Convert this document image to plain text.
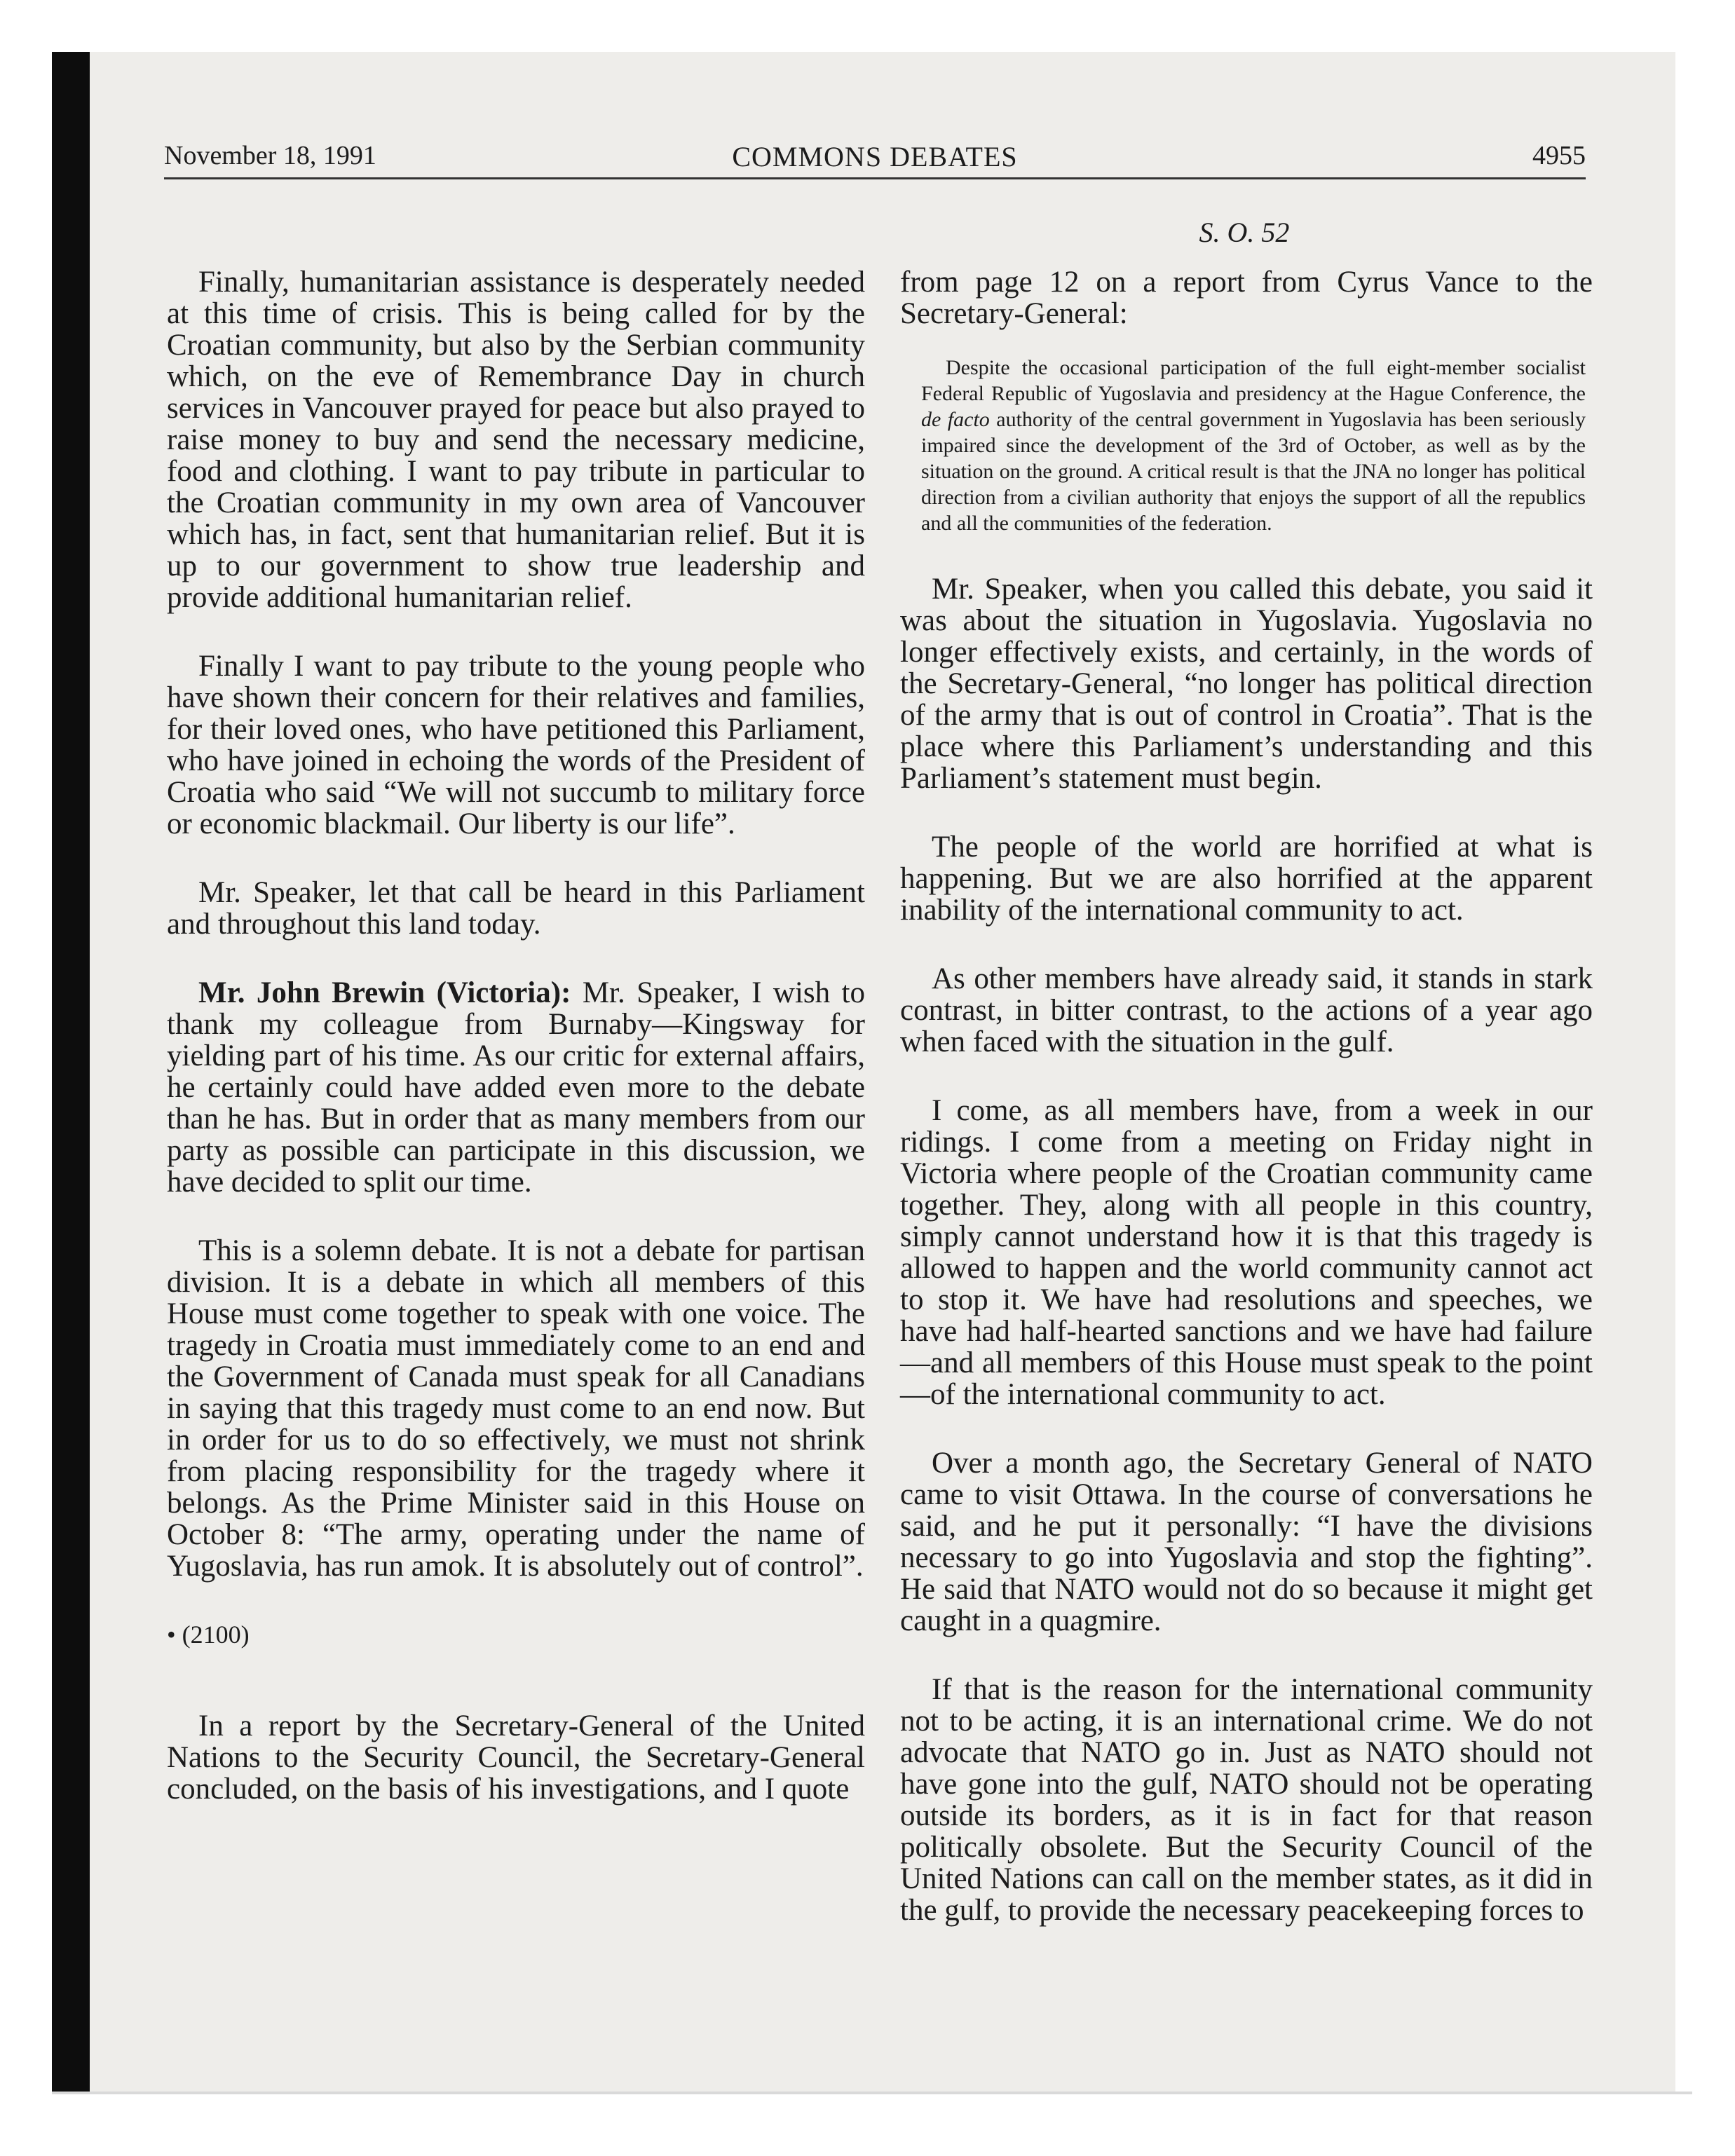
November 18, 1991	COMMONS DEBATES	4955
S. O. 52

Finally, humanitarian assistance is desperately needed at this time of crisis. This is being called for by the Croatian community, but also by the Serbian community which, on the eve of Remembrance Day in church services in Vancouver prayed for peace but also prayed to raise money to buy and send the necessary medicine, food and clothing. I want to pay tribute in particular to the Croatian community in my own area of Vancouver which has, in fact, sent that humanitarian relief. But it is up to our government to show true leadership and provide additional humanitarian relief.

Finally I want to pay tribute to the young people who have shown their concern for their relatives and families, for their loved ones, who have petitioned this Parliament, who have joined in echoing the words of the President of Croatia who said “We will not succumb to military force or economic blackmail. Our liberty is our life”.

Mr. Speaker, let that call be heard in this Parliament and throughout this land today.

Mr. John Brewin (Victoria): Mr. Speaker, I wish to thank my colleague from Burnaby—Kingsway for yielding part of his time. As our critic for external affairs, he certainly could have added even more to the debate than he has. But in order that as many members from our party as possible can participate in this discussion, we have decided to split our time.

This is a solemn debate. It is not a debate for partisan division. It is a debate in which all members of this House must come together to speak with one voice. The tragedy in Croatia must immediately come to an end and the Government of Canada must speak for all Canadians in saying that this tragedy must come to an end now. But in order for us to do so effectively, we must not shrink from placing responsibility for the tragedy where it belongs. As the Prime Minister said in this House on October 8: “The army, operating under the name of Yugoslavia, has run amok. It is absolutely out of control”.

• (2100)

In a report by the Secretary-General of the United Nations to the Security Council, the Secretary-General concluded, on the basis of his investigations, and I quote

from page 12 on a report from Cyrus Vance to the Secretary-General:

Despite the occasional participation of the full eight-member socialist Federal Republic of Yugoslavia and presidency at the Hague Conference, the de facto authority of the central government in Yugoslavia has been seriously impaired since the development of the 3rd of October, as well as by the situation on the ground. A critical result is that the JNA no longer has political direction from a civilian authority that enjoys the support of all the republics and all the communities of the federation.

Mr. Speaker, when you called this debate, you said it was about the situation in Yugoslavia. Yugoslavia no longer effectively exists, and certainly, in the words of the Secretary-General, “no longer has political direction of the army that is out of control in Croatia”. That is the place where this Parliament’s understanding and this Parliament’s statement must begin.

The people of the world are horrified at what is happening. But we are also horrified at the apparent inability of the international community to act.

As other members have already said, it stands in stark contrast, in bitter contrast, to the actions of a year ago when faced with the situation in the gulf.

I come, as all members have, from a week in our ridings. I come from a meeting on Friday night in Victoria where people of the Croatian community came together. They, along with all people in this country, simply cannot understand how it is that this tragedy is allowed to happen and the world community cannot act to stop it. We have had resolutions and speeches, we have had half-hearted sanctions and we have had failure—and all members of this House must speak to the point—of the international community to act.

Over a month ago, the Secretary General of NATO came to visit Ottawa. In the course of conversations he said, and he put it personally: “I have the divisions necessary to go into Yugoslavia and stop the fighting”. He said that NATO would not do so because it might get caught in a quagmire.

If that is the reason for the international community not to be acting, it is an international crime. We do not advocate that NATO go in. Just as NATO should not have gone into the gulf, NATO should not be operating outside its borders, as it is in fact for that reason politically obsolete. But the Security Council of the United Nations can call on the member states, as it did in the gulf, to provide the necessary peacekeeping forces to
